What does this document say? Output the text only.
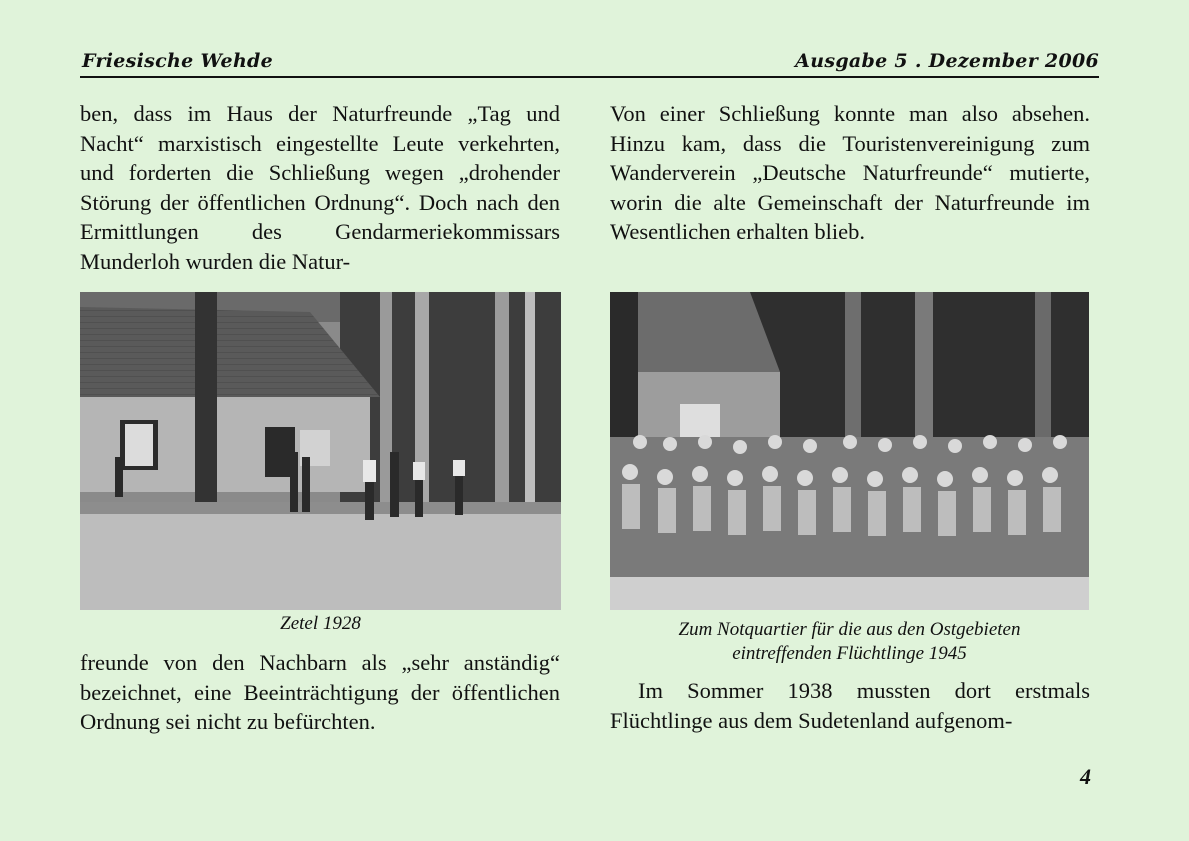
Friesische Wehde	Ausgabe 5 . Dezember 2006

ben, dass im Haus der Naturfreunde „Tag und Nacht“ marxistisch eingestellte Leute verkehrten, und forderten die Schließung wegen „drohender Störung der öffentlichen Ordnung“. Doch nach den Ermittlungen des Gendarmeriekommissars Munderloh wurden die Natur-

Von einer Schließung konnte man also absehen. Hinzu kam, dass die Touristenvereinigung zum Wanderverein „Deutsche Naturfreunde“ mutierte, worin die alte Gemeinschaft der Naturfreunde im Wesentlichen erhalten blieb.

Zetel 1928	Zum Notquartier für die aus den Ostgebieten
eintreffenden Flüchtlinge 1945

freunde von den Nachbarn als „sehr anständig“ bezeichnet, eine Beeinträchtigung der öffentlichen Ordnung sei nicht zu befürchten.

Im Sommer 1938 mussten dort erstmals Flüchtlinge aus dem Sudetenland aufgenom-

4
